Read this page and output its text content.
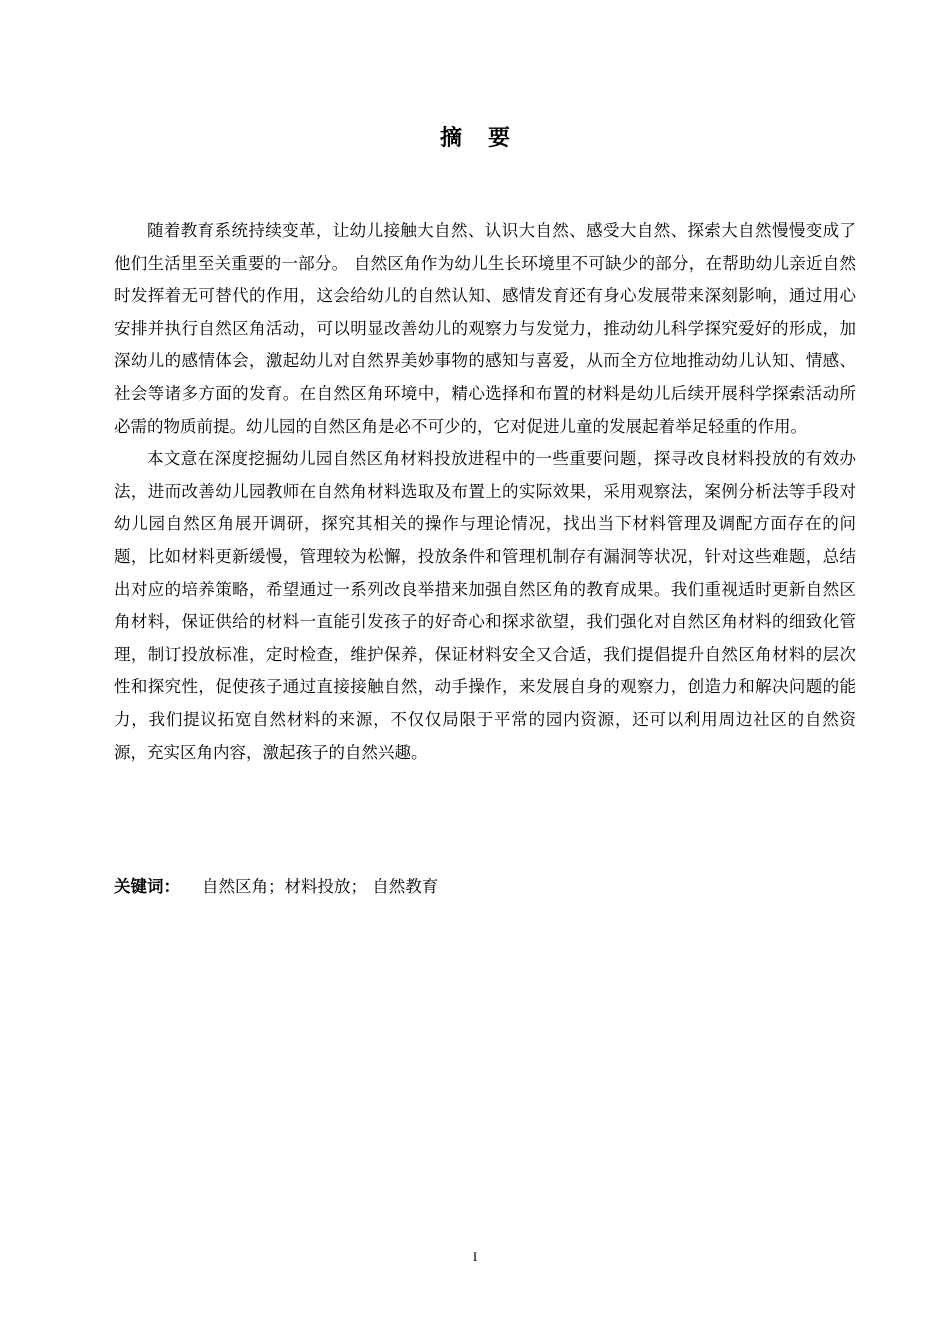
摘要

随着教育系统持续变革，让幼儿接触大自然、认识大自然、感受大自然、探索大自然慢慢变成了他们生活里至关重要的一部分。 自然区角作为幼儿生长环境里不可缺少的部分，在帮助幼儿亲近自然时发挥着无可替代的作用，这会给幼儿的自然认知、感情发育还有身心发展带来深刻影响，通过用心安排并执行自然区角活动，可以明显改善幼儿的观察力与发觉力，推动幼儿科学探究爱好的形成，加深幼儿的感情体会，激起幼儿对自然界美妙事物的感知与喜爱，从而全方位地推动幼儿认知、情感、社会等诸多方面的发育。在自然区角环境中，精心选择和布置的材料是幼儿后续开展科学探索活动所必需的物质前提。幼儿园的自然区角是必不可少的，它对促进儿童的发展起着举足轻重的作用。

本文意在深度挖掘幼儿园自然区角材料投放进程中的一些重要问题，探寻改良材料投放的有效办法，进而改善幼儿园教师在自然角材料选取及布置上的实际效果，采用观察法，案例分析法等手段对幼儿园自然区角展开调研，探究其相关的操作与理论情况，找出当下材料管理及调配方面存在的问题，比如材料更新缓慢，管理较为松懈，投放条件和管理机制存有漏洞等状况，针对这些难题，总结出对应的培养策略，希望通过一系列改良举措来加强自然区角的教育成果。我们重视适时更新自然区角材料，保证供给的材料一直能引发孩子的好奇心和探求欲望，我们强化对自然区角材料的细致化管理，制订投放标准，定时检查，维护保养，保证材料安全又合适，我们提倡提升自然区角材料的层次性和探究性，促使孩子通过直接接触自然，动手操作，来发展自身的观察力，创造力和解决问题的能力，我们提议拓宽自然材料的来源，不仅仅局限于平常的园内资源，还可以利用周边社区的自然资源，充实区角内容，激起孩子的自然兴趣。

关键词： 自然区角；材料投放； 自然教育
I
